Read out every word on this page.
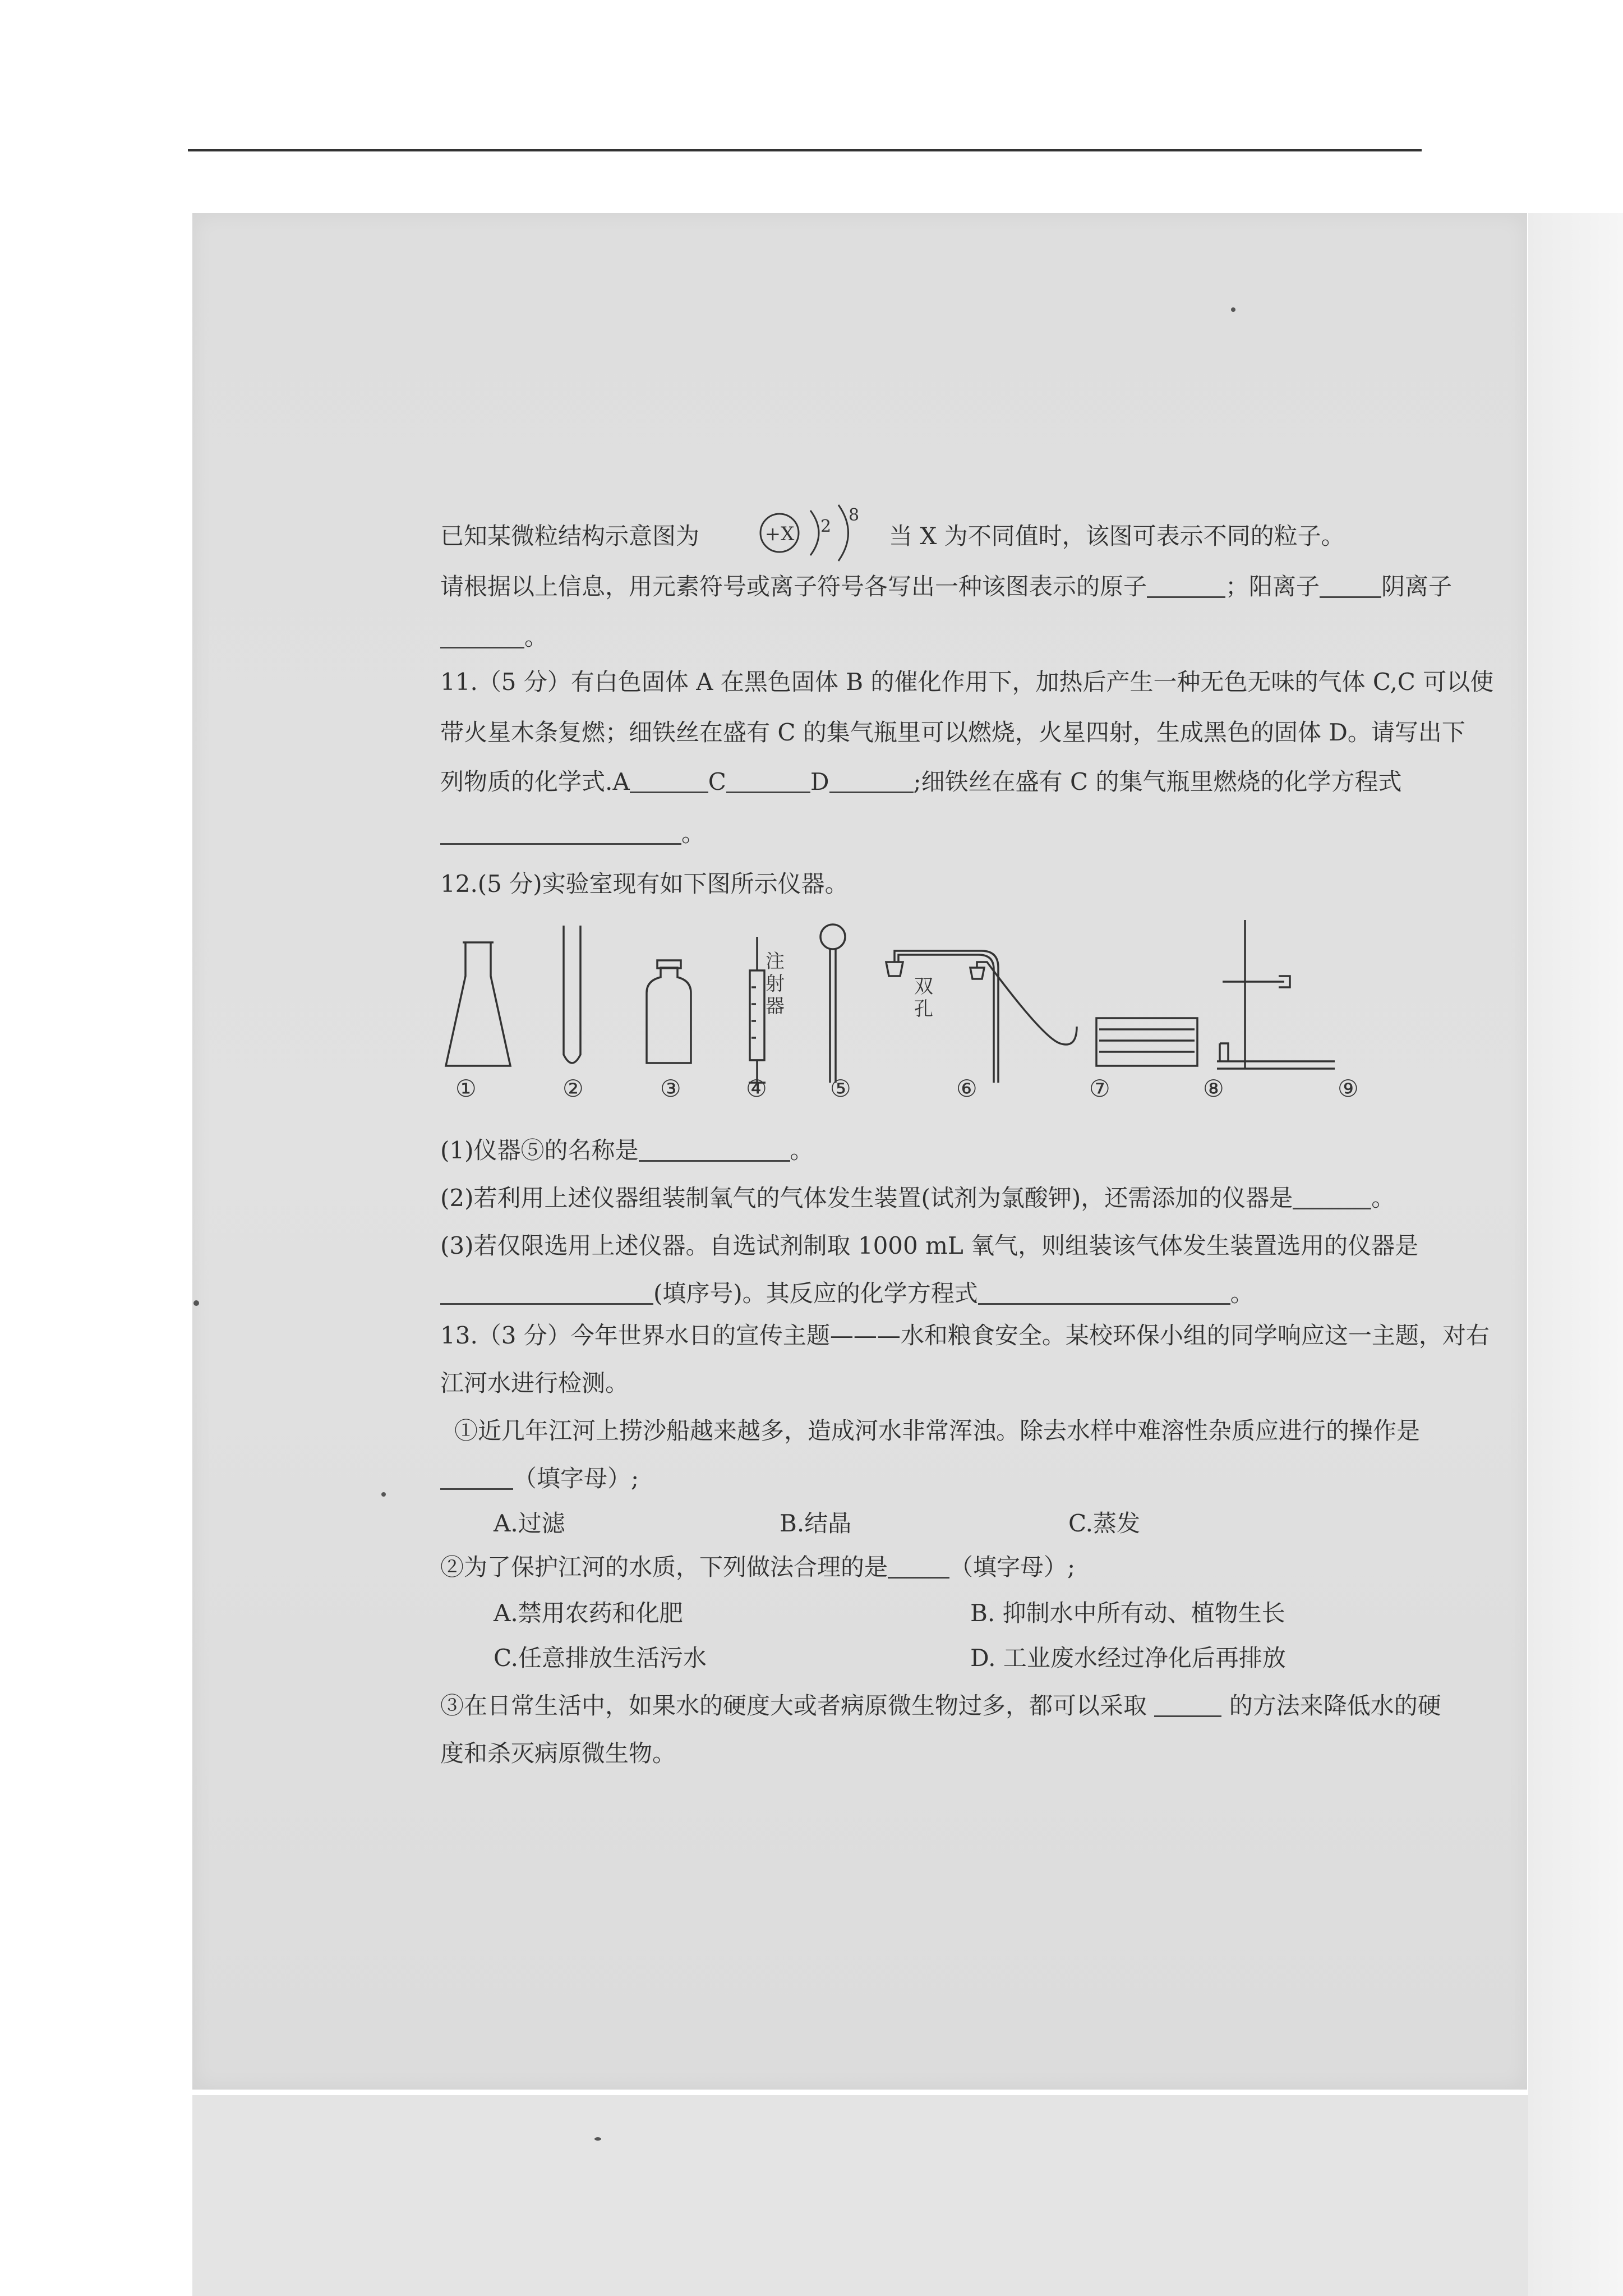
已知某微粒结构示意图为	+X 2
8
当 X 为不同值时，该图可表示不同的粒子。
请根据以上信息，用元素符号或离子符号各写出一种该图表示的原子	；阳离子	阴离子
。
11.（5 分）有白色固体 A 在黑色固体 B 的催化作用下，加热后产生一种无色无味的气体 C,C 可以使
带火星木条复燃；细铁丝在盛有 C 的集气瓶里可以燃烧，火星四射，生成黑色的固体 D。请写出下
列物质的化学式.A	C	D	;细铁丝在盛有 C 的集气瓶里燃烧的化学方程式
。
12.(5 分)实验室现有如下图所示仪器。
注
射
器
双
孔
①	②	③	④	⑤	⑥	⑦	⑧	⑨
(1)仪器⑤的名称是	。
(2)若利用上述仪器组装制氧气的气体发生装置(试剂为氯酸钾)，还需添加的仪器是	。
(3)若仅限选用上述仪器。自选试剂制取 1000 mL 氧气，则组装该气体发生装置选用的仪器是
(填序号)。其反应的化学方程式	。
13.（3 分）今年世界水日的宣传主题———水和粮食安全。某校环保小组的同学响应这一主题，对右
江河水进行检测。
①近几年江河上捞沙船越来越多，造成河水非常浑浊。除去水样中难溶性杂质应进行的操作是
（填字母）;
A.过滤	B.结晶	C.蒸发
②为了保护江河的水质，下列做法合理的是	（填字母）;
A.禁用农药和化肥	B. 抑制水中所有动、植物生长
C.任意排放生活污水	D. 工业废水经过净化后再排放
③在日常生活中，如果水的硬度大或者病原微生物过多，都可以采取	的方法来降低水的硬
度和杀灭病原微生物。
